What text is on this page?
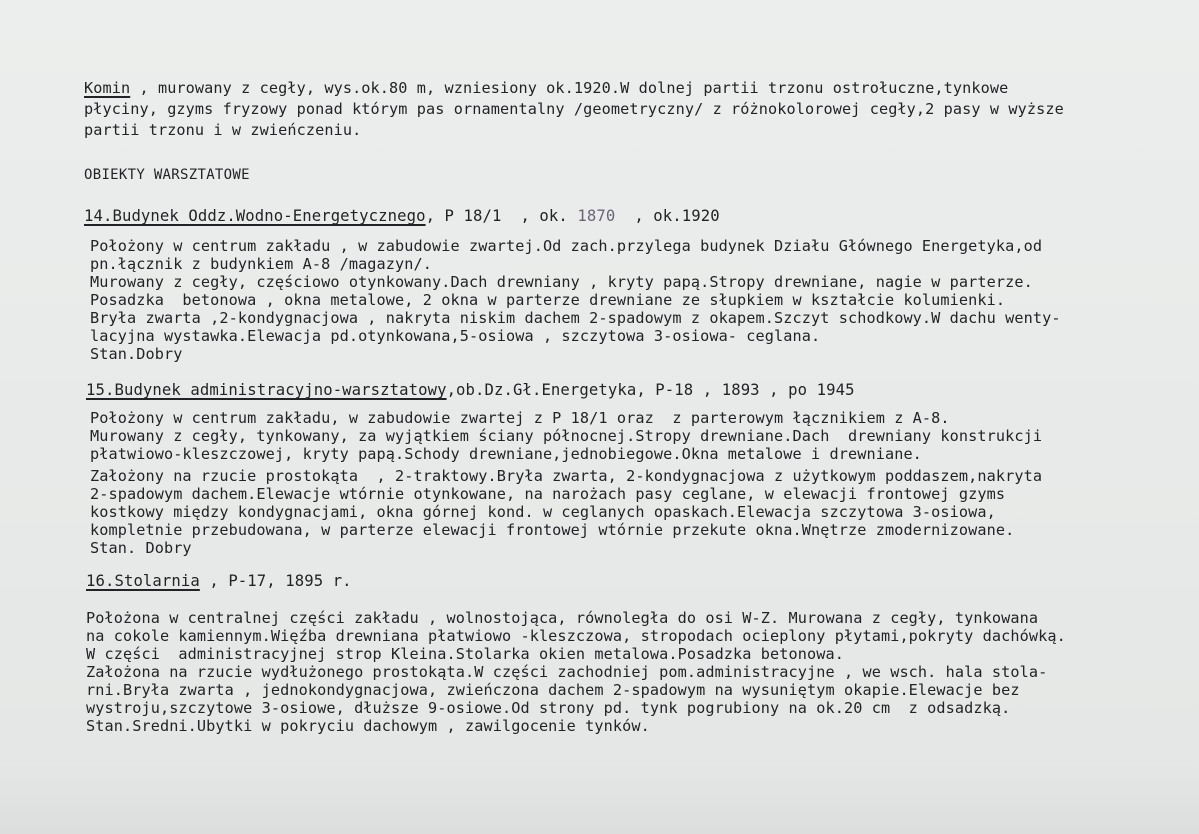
Komin , murowany z cegły, wys.ok.80 m, wzniesiony ok.1920.W dolnej partii trzonu ostrołuczne,tynkowe
płyciny, gzyms fryzowy ponad którym pas ornamentalny /geometryczny/ z różnokolorowej cegły,2 pasy w wyższe
partii trzonu i w zwieńczeniu.
OBIEKTY WARSZTATOWE
14.Budynek Oddz.Wodno-Energetycznego, P 18/1  , ok. 1870  , ok.1920
Położony w centrum zakładu , w zabudowie zwartej.Od zach.przylega budynek Działu Głównego Energetyka,od
pn.łącznik z budynkiem A-8 /magazyn/.
Murowany z cegły, częściowo otynkowany.Dach drewniany , kryty papą.Stropy drewniane, nagie w parterze.
Posadzka  betonowa , okna metalowe, 2 okna w parterze drewniane ze słupkiem w kształcie kolumienki.
Bryła zwarta ,2-kondygnacjowa , nakryta niskim dachem 2-spadowym z okapem.Szczyt schodkowy.W dachu wenty-
lacyjna wystawka.Elewacja pd.otynkowana,5-osiowa , szczytowa 3-osiowa- ceglana.
Stan.Dobry
15.Budynek administracyjno-warsztatowy,ob.Dz.Gł.Energetyka, P-18 , 1893 , po 1945
Położony w centrum zakładu, w zabudowie zwartej z P 18/1 oraz  z parterowym łącznikiem z A-8.
Murowany z cegły, tynkowany, za wyjątkiem ściany północnej.Stropy drewniane.Dach  drewniany konstrukcji
płatwiowo-kleszczowej, kryty papą.Schody drewniane,jednobiegowe.Okna metalowe i drewniane.
Założony na rzucie prostokąta  , 2-traktowy.Bryła zwarta, 2-kondygnacjowa z użytkowym poddaszem,nakryta
2-spadowym dachem.Elewacje wtórnie otynkowane, na narożach pasy ceglane, w elewacji frontowej gzyms
kostkowy między kondygnacjami, okna górnej kond. w ceglanych opaskach.Elewacja szczytowa 3-osiowa,
kompletnie przebudowana, w parterze elewacji frontowej wtórnie przekute okna.Wnętrze zmodernizowane.
Stan. Dobry
16.Stolarnia , P-17, 1895 r.
Położona w centralnej części zakładu , wolnostojąca, równoległa do osi W-Z. Murowana z cegły, tynkowana
na cokole kamiennym.Więźba drewniana płatwiowo -kleszczowa, stropodach ocieplony płytami,pokryty dachówką.
W części  administracyjnej strop Kleina.Stolarka okien metalowa.Posadzka betonowa.
Założona na rzucie wydłużonego prostokąta.W części zachodniej pom.administracyjne , we wsch. hala stola-
rni.Bryła zwarta , jednokondygnacjowa, zwieńczona dachem 2-spadowym na wysuniętym okapie.Elewacje bez
wystroju,szczytowe 3-osiowe, dłuższe 9-osiowe.Od strony pd. tynk pogrubiony na ok.20 cm  z odsadzką.
Stan.Sredni.Ubytki w pokryciu dachowym , zawilgocenie tynków.
